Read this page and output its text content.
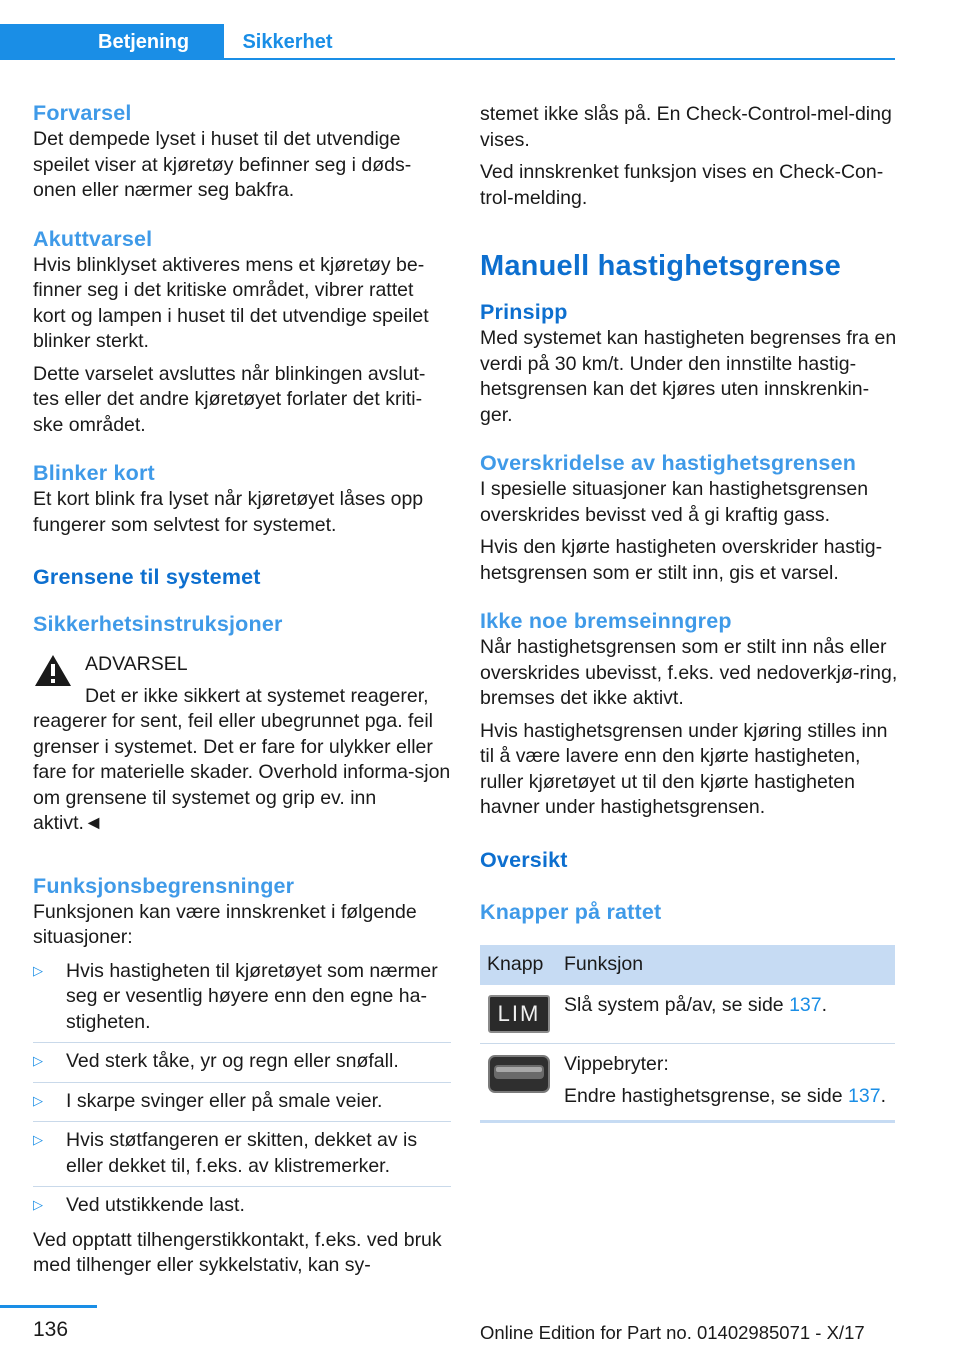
Betjening	Sikkerhet
Forvarsel

Det dempede lyset i huset til det utvendige speilet viser at kjøretøy befinner seg i døds-onen eller nærmer seg bakfra.

Akuttvarsel

Hvis blinklyset aktiveres mens et kjøretøy be-finner seg i det kritiske området, vibrer rattet kort og lampen i huset til det utvendige speilet blinker sterkt.

Dette varselet avsluttes når blinkingen avslut-tes eller det andre kjøretøyet forlater det kriti-ske området.

Blinker kort

Et kort blink fra lyset når kjøretøyet låses opp fungerer som selvtest for systemet.

Grensene til systemet
Sikkerhetsinstruksjoner
ADVARSEL

Det er ikke sikkert at systemet reagerer, reagerer for sent, feil eller ubegrunnet pga. feil grenser i systemet. Det er fare for ulykker eller fare for materielle skader. Overhold informa-sjon om grensene til systemet og grip ev. inn aktivt.◄

Funksjonsbegrensninger

Funksjonen kan være innskrenket i følgende situasjoner:

▷ Hvis hastigheten til kjøretøyet som nærmer seg er vesentlig høyere enn den egne ha-stigheten.
▷ Ved sterk tåke, yr og regn eller snøfall.
▷ I skarpe svinger eller på smale veier.
▷ Hvis støtfangeren er skitten, dekket av is eller dekket til, f.eks. av klistremerker.
▷ Ved utstikkende last.

Ved opptatt tilhengerstikkontakt, f.eks. ved bruk med tilhenger eller sykkelstativ, kan sy-

stemet ikke slås på. En Check-Control-mel-ding vises.

Ved innskrenket funksjon vises en Check-Con-trol-melding.

Manuell hastighetsgrense
Prinsipp

Med systemet kan hastigheten begrenses fra en verdi på 30 km/t. Under den innstilte hastig-hetsgrensen kan det kjøres uten innskrenkin-ger.

Overskridelse av hastighetsgrensen

I spesielle situasjoner kan hastighetsgrensen overskrides bevisst ved å gi kraftig gass.

Hvis den kjørte hastigheten overskrider hastig-hetsgrensen som er stilt inn, gis et varsel.

Ikke noe bremseinngrep

Når hastighetsgrensen som er stilt inn nås eller overskrides ubevisst, f.eks. ved nedoverkjø-ring, bremses det ikke aktivt.

Hvis hastighetsgrensen under kjøring stilles inn til å være lavere enn den kjørte hastigheten, ruller kjøretøyet ut til den kjørte hastigheten havner under hastighetsgrensen.

Oversikt
Knapper på rattet
Knapp	Funksjon

LIM	Slå system på/av, se side 137.

Vippebryter:

Endre hastighetsgrense, se side 137.

136	Online Edition for Part no. 01402985071 - X/17
